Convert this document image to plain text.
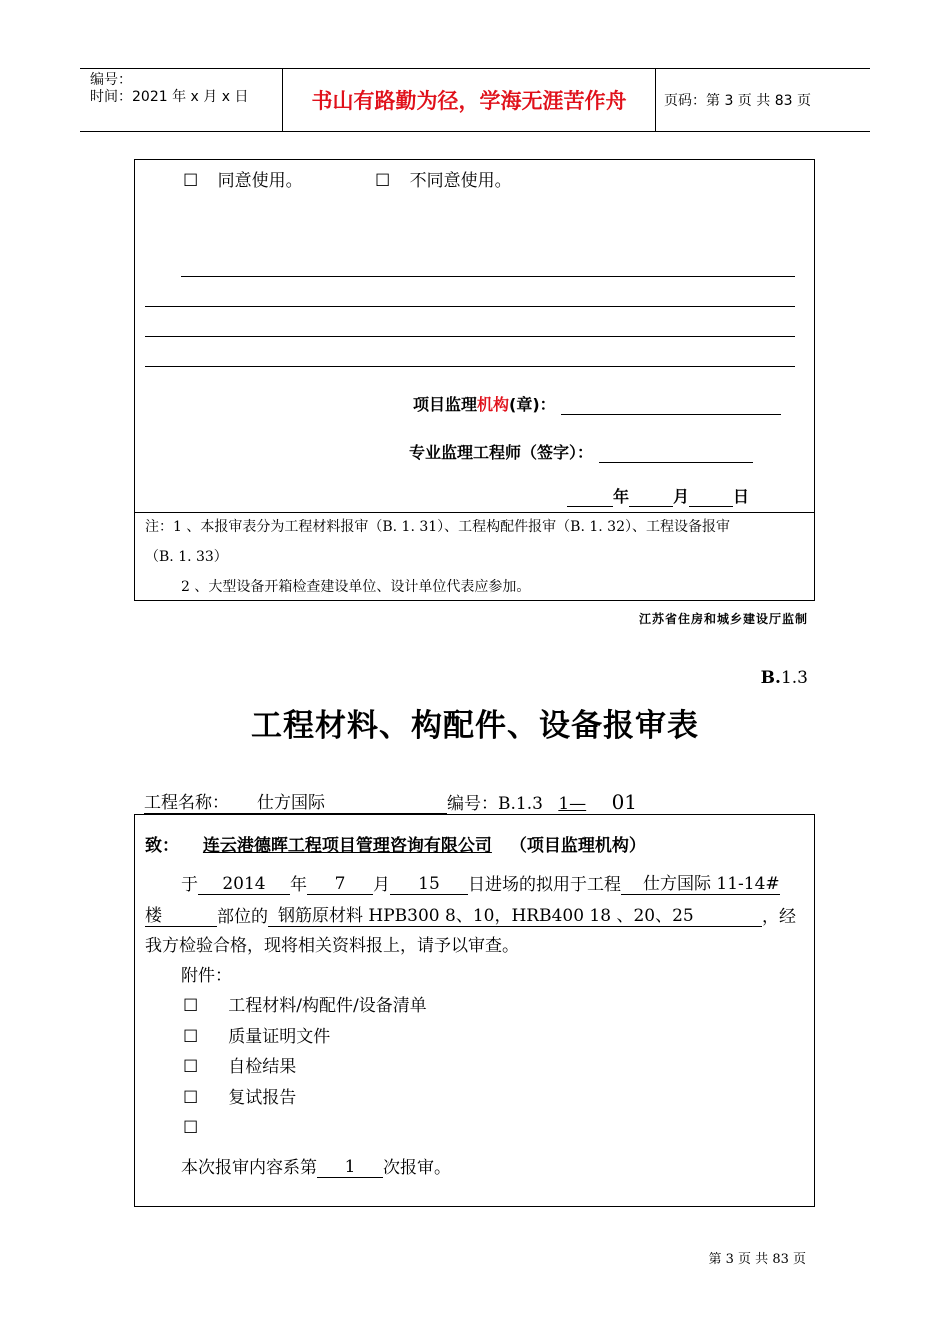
编号：
时间：2021 年 x 月 x 日	书山有路勤为径，学海无涯苦作舟	页码：第 3 页 共 83 页
☐ 同意使用。	☐ 不同意使用。
项目监理机构(章)：
专业监理工程师（签字）：
年	月	日
注：1 、本报审表分为工程材料报审（B. 1. 31）、工程构配件报审（B. 1. 32）、工程设备报审
（B. 1. 33）
2 、大型设备开箱检查建设单位、设计单位代表应参加。
江苏省住房和城乡建设厅监制
B.1.3
工程材料、构配件、设备报审表
工程名称： 仕方国际	编号：B.1.3 1— 01
致： 连云港德晖工程项目管理咨询有限公司 （项目监理机构）
于 2014 年 7 月 15 日进场的拟用于工程 仕方国际 11-14#
楼	部位的 钢筋原材料 HPB300 8、10，HRB400 18 、20、25	，经
我方检验合格，现将相关资料报上，请予以审查。
附件：
☐ 工程材料/构配件/设备清单
☐ 质量证明文件
☐ 自检结果
☐ 复试报告
☐
本次报审内容系第 1 次报审。
第 3 页 共 83 页
